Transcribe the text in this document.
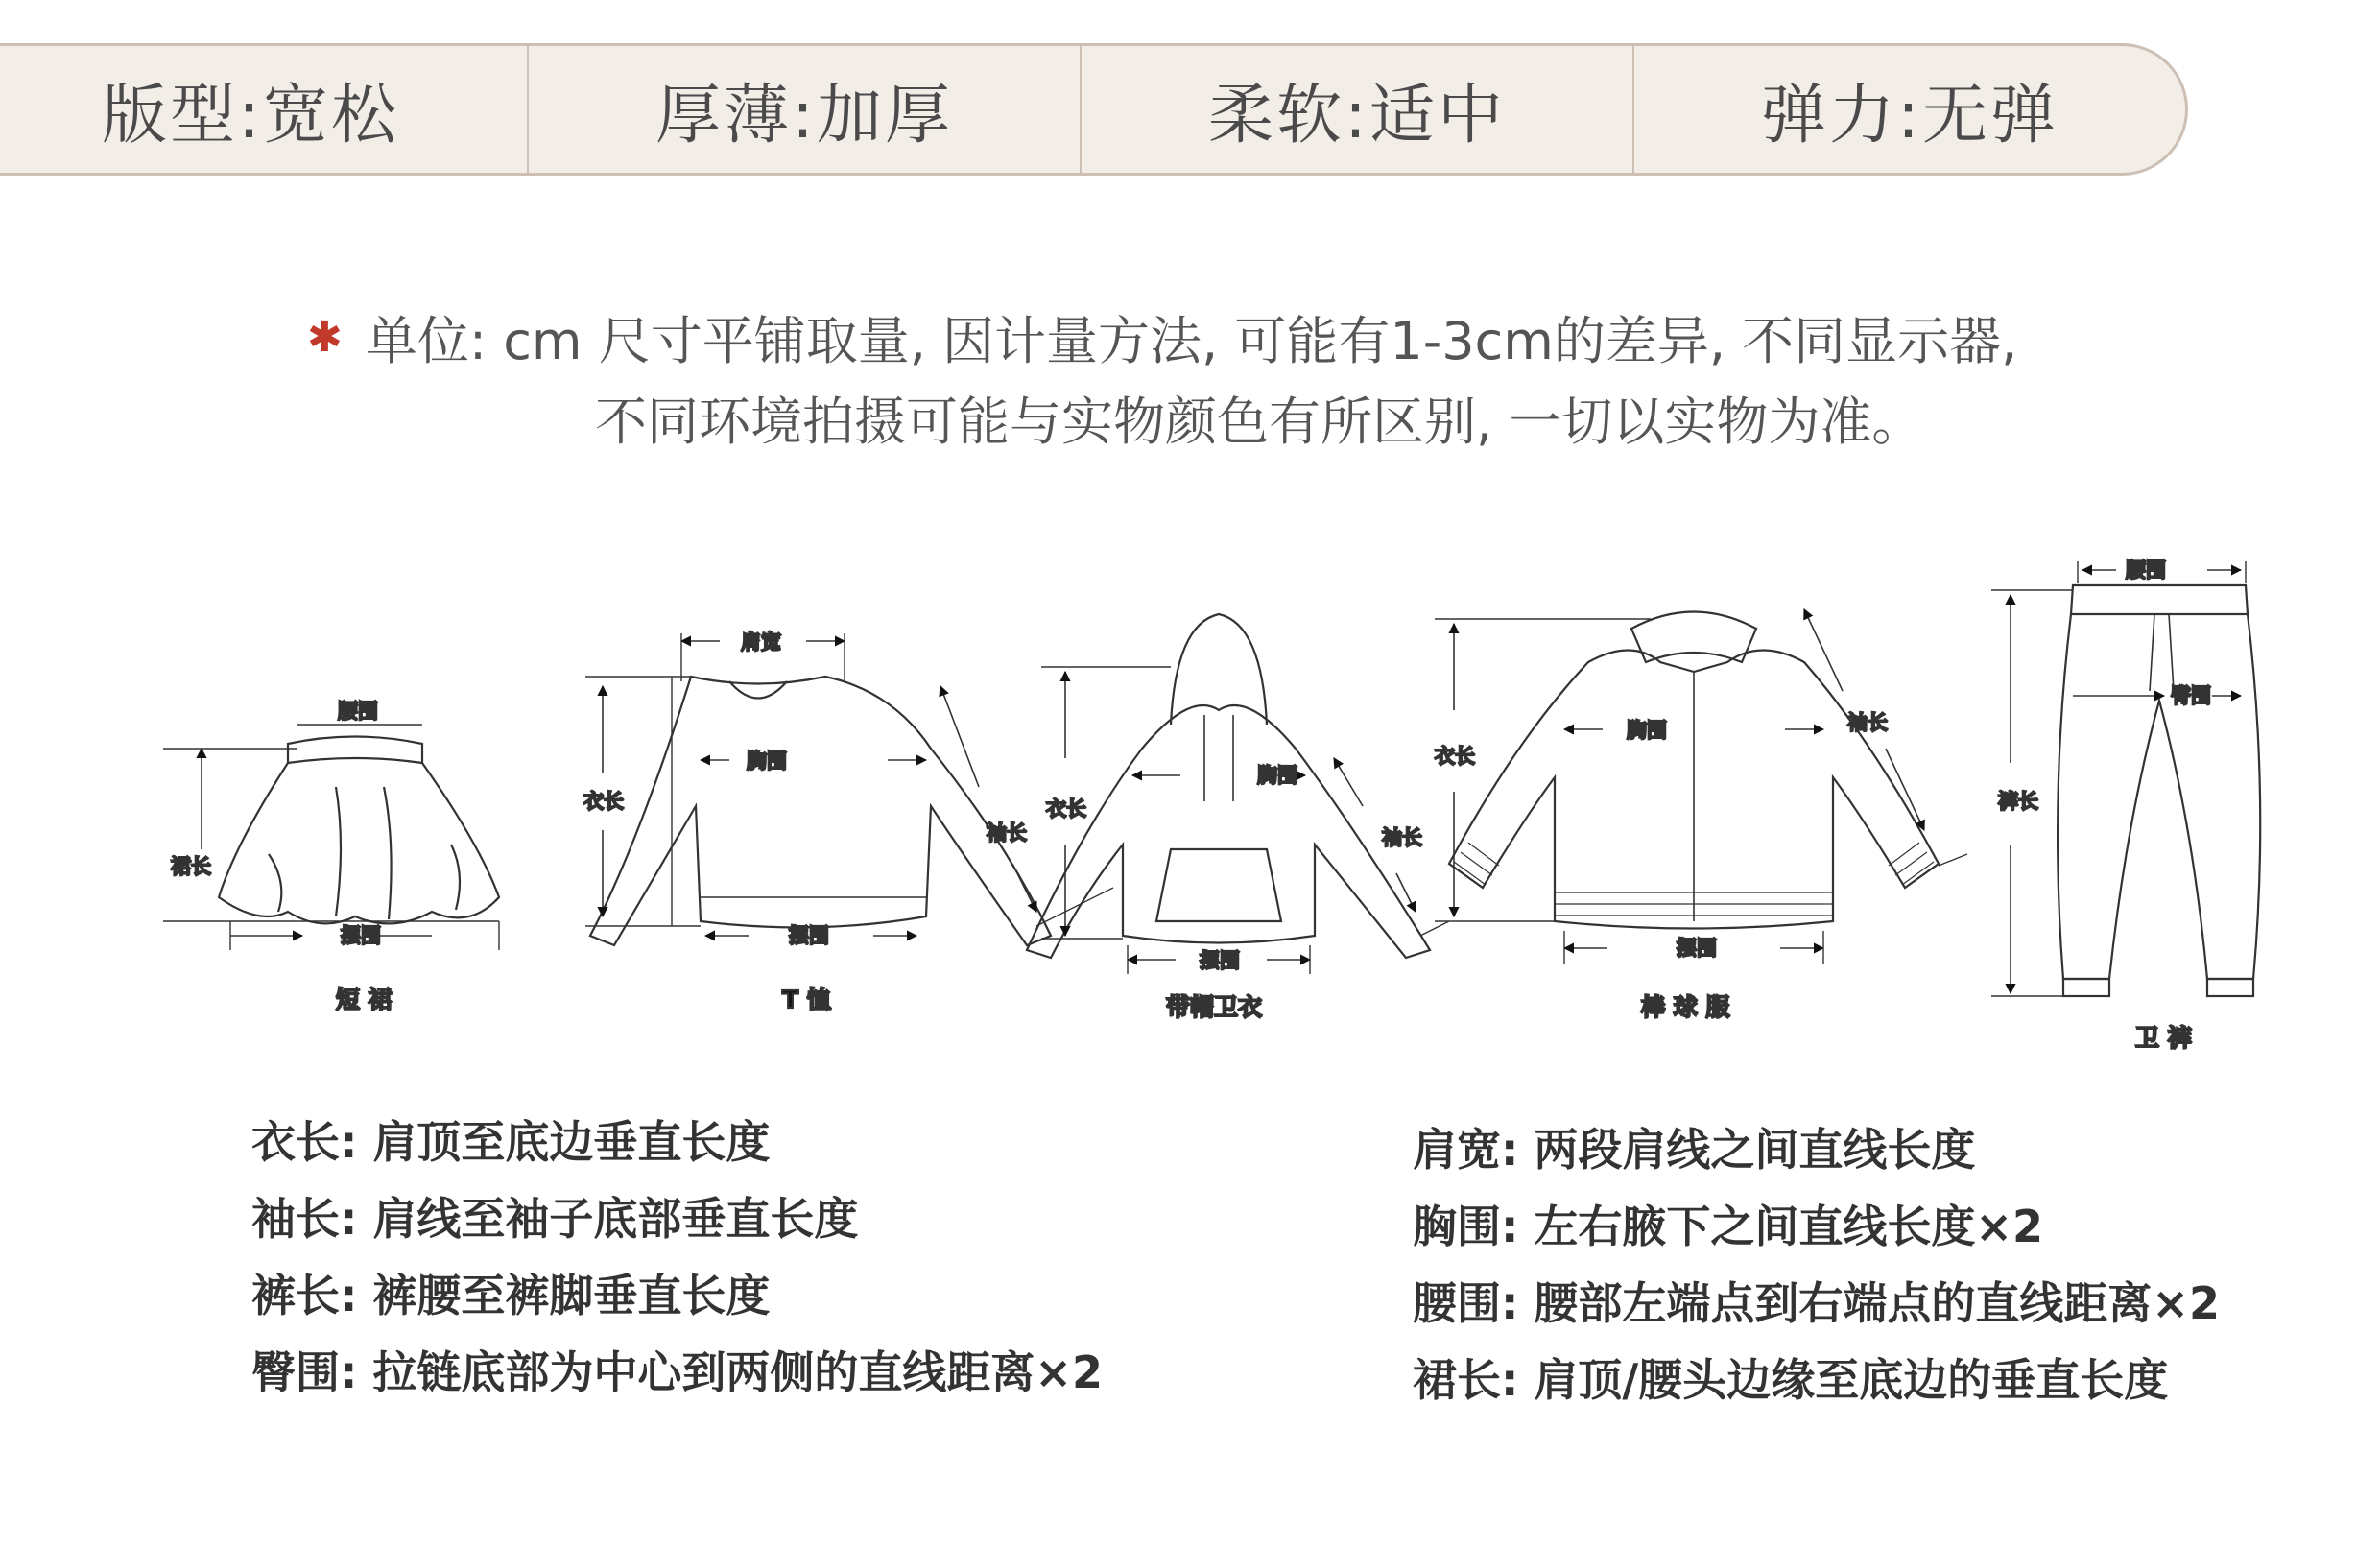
版型: 宽松	厚薄: 加厚	柔软: 适中	弹力: 无弹
✱ 单位: cm 尺寸平铺取量, 因计量方法, 可能有1-3cm的差异, 不同显示器,
不同环境拍摄可能与实物颜色有所区别, 一切以实物为准。
腰围
裙长
摆围
短 裙
肩宽
胸围
衣长
袖长
摆围
T 恤
胸围
衣长
袖长
摆围
带帽卫衣
胸围
衣长
袖长
摆围
棒 球 服
腰围
臀围
裤长
卫 裤
衣长: 肩顶至底边垂直长度
袖长: 肩线至袖子底部垂直长度
裤长: 裤腰至裤脚垂直长度
臀围: 拉链底部为中心到两侧的直线距离×2
肩宽: 两段肩线之间直线长度
胸围: 左右腋下之间直线长度×2
腰围: 腰部左端点到右端点的直线距离×2
裙长: 肩顶/腰头边缘至底边的垂直长度
